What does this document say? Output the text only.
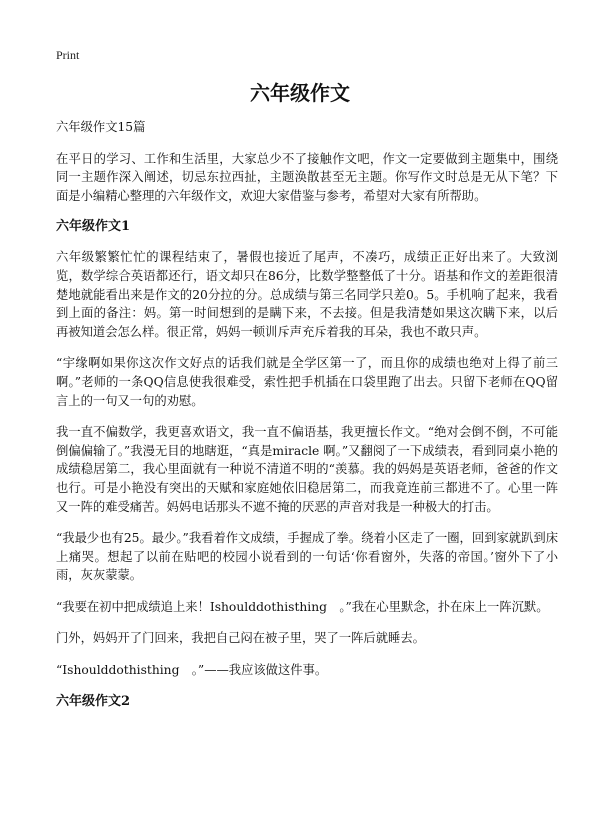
Print
六年级作文

六年级作文15篇

在平日的学习、工作和生活里，大家总少不了接触作文吧，作文一定要做到主题集中，围绕同一主题作深入阐述，切忌东拉西扯，主题涣散甚至无主题。你写作文时总是无从下笔？下面是小编精心整理的六年级作文，欢迎大家借鉴与参考，希望对大家有所帮助。

六年级作文1

六年级繁繁忙忙的课程结束了，暑假也接近了尾声，不凑巧，成绩正正好出来了。大致浏览，数学综合英语都还行，语文却只在86分，比数学整整低了十分。语基和作文的差距很清楚地就能看出来是作文的20分拉的分。总成绩与第三名同学只差0。5。手机响了起来，我看到上面的备注：妈。第一时间想到的是瞒下来，不去接。但是我清楚如果这次瞒下来，以后再被知道会怎么样。很正常，妈妈一顿训斥声充斥着我的耳朵，我也不敢只声。

“宇缘啊如果你这次作文好点的话我们就是全学区第一了，而且你的成绩也绝对上得了前三啊。”老师的一条QQ信息使我很难受，索性把手机插在口袋里跑了出去。只留下老师在QQ留言上的一句又一句的劝慰。

我一直不偏数学，我更喜欢语文，我一直不偏语基，我更擅长作文。“绝对会倒不倒，不可能倒偏偏输了。”我漫无目的地瞎逛，“真是miracle 啊。”又翻阅了一下成绩表，看到同桌小艳的成绩稳居第二，我心里面就有一种说不清道不明的“羡慕。我的妈妈是英语老师，爸爸的作文也行。可是小艳没有突出的天赋和家庭她依旧稳居第二，而我竟连前三都进不了。心里一阵又一阵的难受痛苦。妈妈电话那头不遮不掩的厌恶的声音对我是一种极大的打击。

“我最少也有25。最少。”我看着作文成绩，手握成了拳。绕着小区走了一圈，回到家就趴到床上痛哭。想起了以前在贴吧的校园小说看到的一句话‘你看窗外，失落的帝国。’窗外下了小雨，灰灰蒙蒙。

“我要在初中把成绩追上来！Ishoulddothisthing　。”我在心里默念，扑在床上一阵沉默。

门外，妈妈开了门回来，我把自己闷在被子里，哭了一阵后就睡去。

“Ishoulddothisthing　。”——我应该做这件事。

六年级作文2
